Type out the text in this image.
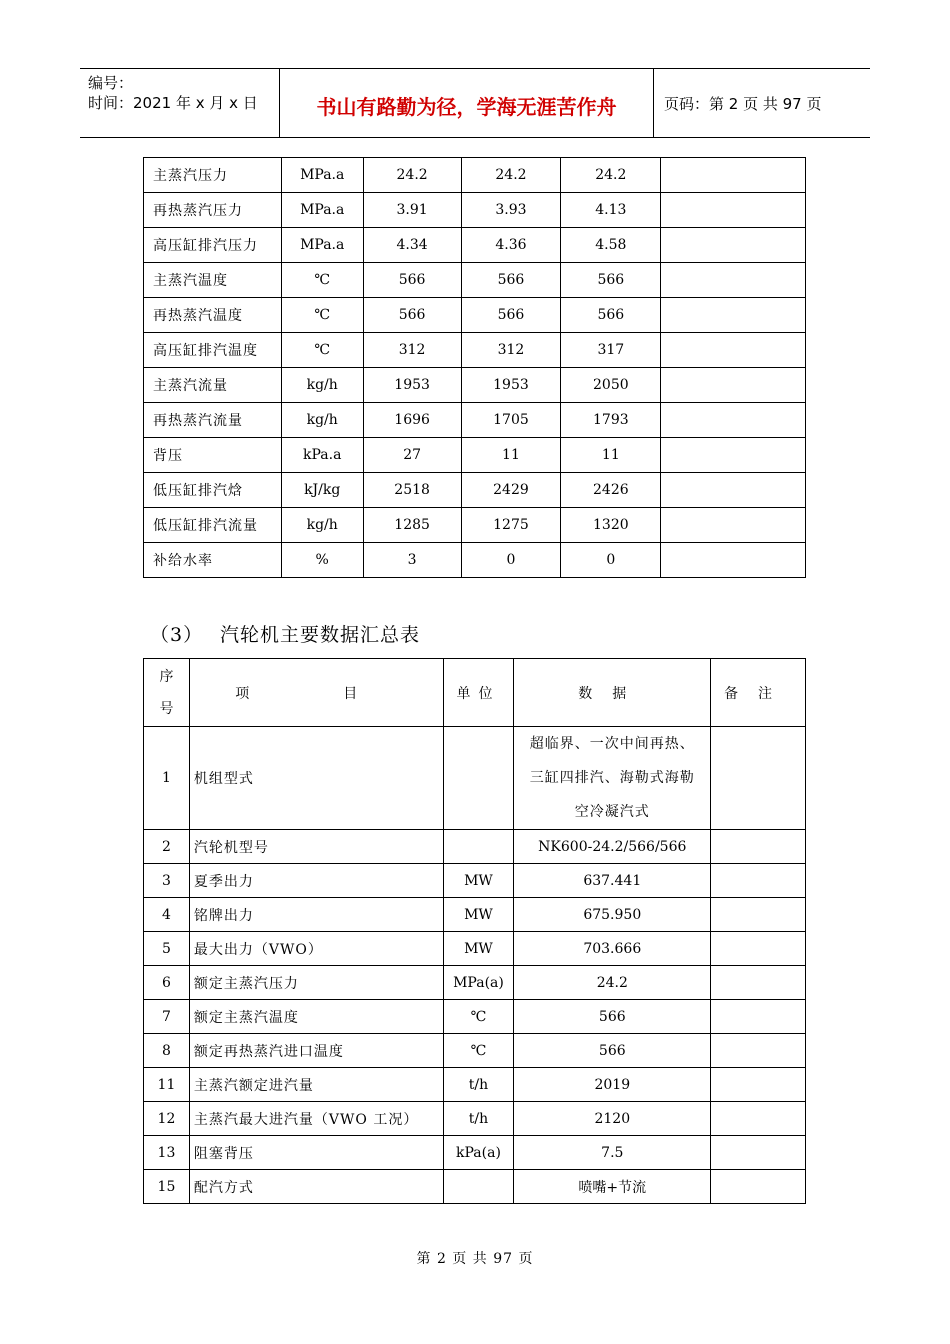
编号：
时间：2021 年 x 月 x 日	书山有路勤为径，学海无涯苦作舟	页码：第 2 页 共 97 页
主蒸汽压力	MPa.a	24.2	24.2	24.2	
再热蒸汽压力	MPa.a	3.91	3.93	4.13	
高压缸排汽压力	MPa.a	4.34	4.36	4.58	
主蒸汽温度	℃	566	566	566	
再热蒸汽温度	℃	566	566	566	
高压缸排汽温度	℃	312	312	317	
主蒸汽流量	kg/h	1953	1953	2050	
再热蒸汽流量	kg/h	1696	1705	1793	
背压	kPa.a	27	11	11	
低压缸排汽焓	kJ/kg	2518	2429	2426	
低压缸排汽流量	kg/h	1285	1275	1320	
补给水率	%	3	0	0	
（3） 汽轮机主要数据汇总表
序
号	项　目	单位	数据	备注
1	机组型式		超临界、一次中间再热、
三缸四排汽、海勒式海勒
空冷凝汽式	

2	汽轮机型号		NK600-24.2/566/566	
3	夏季出力	MW	637.441	
4	铭牌出力	MW	675.950	
5	最大出力（VWO）	MW	703.666	
6	额定主蒸汽压力	MPa(a)	24.2	
7	额定主蒸汽温度	℃	566	
8	额定再热蒸汽进口温度	℃	566	
11	主蒸汽额定进汽量	t/h	2019	
12	主蒸汽最大进汽量（VWO 工况）	t/h	2120	
13	阻塞背压	kPa(a)	7.5	
15	配汽方式		喷嘴+节流	
第 2 页 共 97 页
